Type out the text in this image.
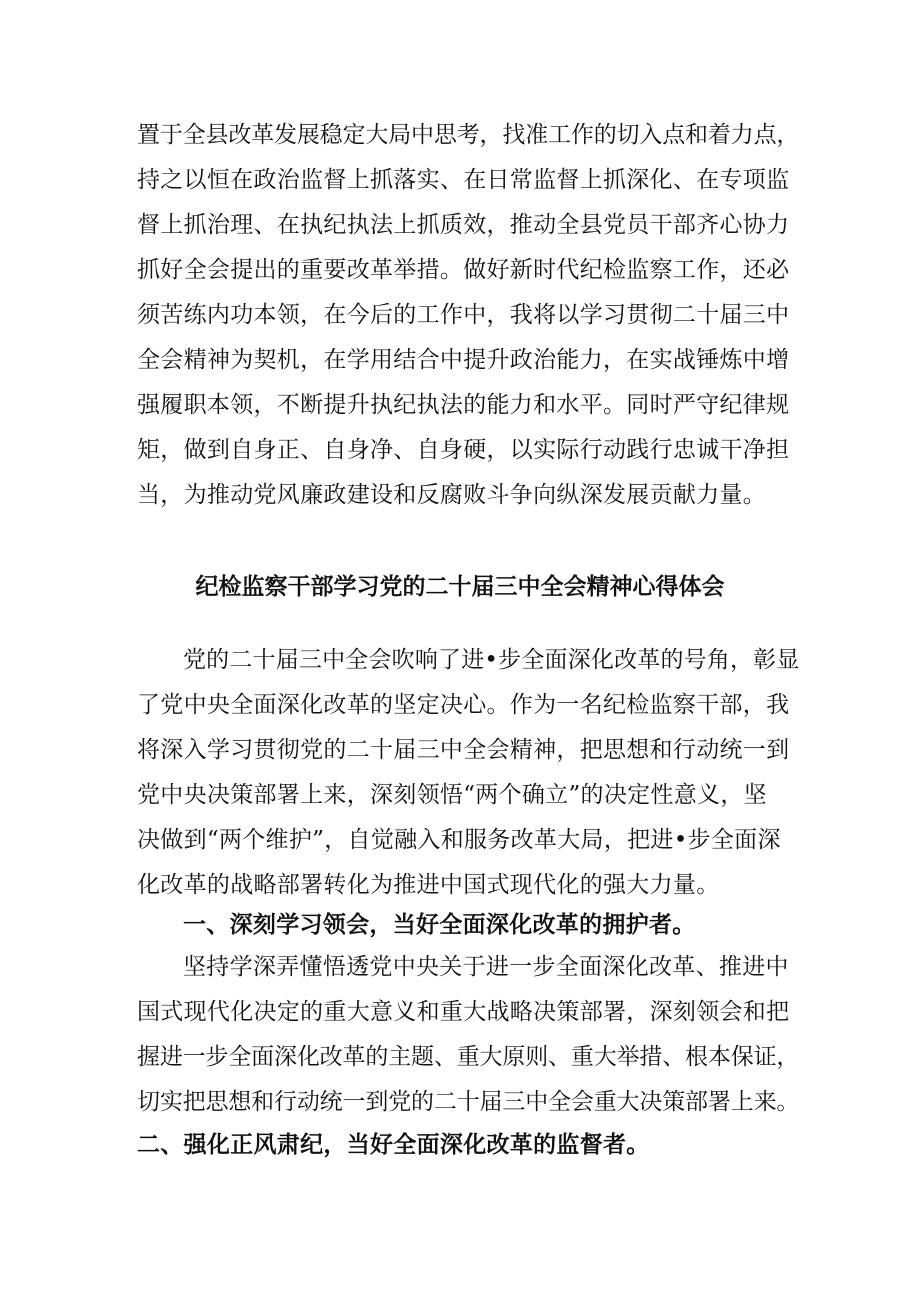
置于全县改革发展稳定大局中思考，找准工作的切入点和着力点，
持之以恒在政治监督上抓落实、在日常监督上抓深化、在专项监
督上抓治理、在执纪执法上抓质效，推动全县党员干部齐心协力
抓好全会提出的重要改革举措。做好新时代纪检监察工作，还必
须苦练内功本领，在今后的工作中，我将以学习贯彻二十届三中
全会精神为契机，在学用结合中提升政治能力，在实战锤炼中增
强履职本领，不断提升执纪执法的能力和水平。同时严守纪律规
矩，做到自身正、自身净、自身硬，以实际行动践行忠诚干净担
当，为推动党风廉政建设和反腐败斗争向纵深发展贡献力量。
纪检监察干部学习党的二十届三中全会精神心得体会
党的二十届三中全会吹响了进•步全面深化改革的号角，彰显
了党中央全面深化改革的坚定决心。作为一名纪检监察干部，我
将深入学习贯彻党的二十届三中全会精神，把思想和行动统一到
党中央决策部署上来，深刻领悟“两个确立”的决定性意义，坚
决做到“两个维护”，自觉融入和服务改革大局，把进•步全面深
化改革的战略部署转化为推进中国式现代化的强大力量。
一、深刻学习领会，当好全面深化改革的拥护者。
坚持学深弄懂悟透党中央关于进一步全面深化改革、推进中
国式现代化决定的重大意义和重大战略决策部署，深刻领会和把
握进一步全面深化改革的主题、重大原则、重大举措、根本保证，
切实把思想和行动统一到党的二十届三中全会重大决策部署上来。
二、强化正风肃纪，当好全面深化改革的监督者。
